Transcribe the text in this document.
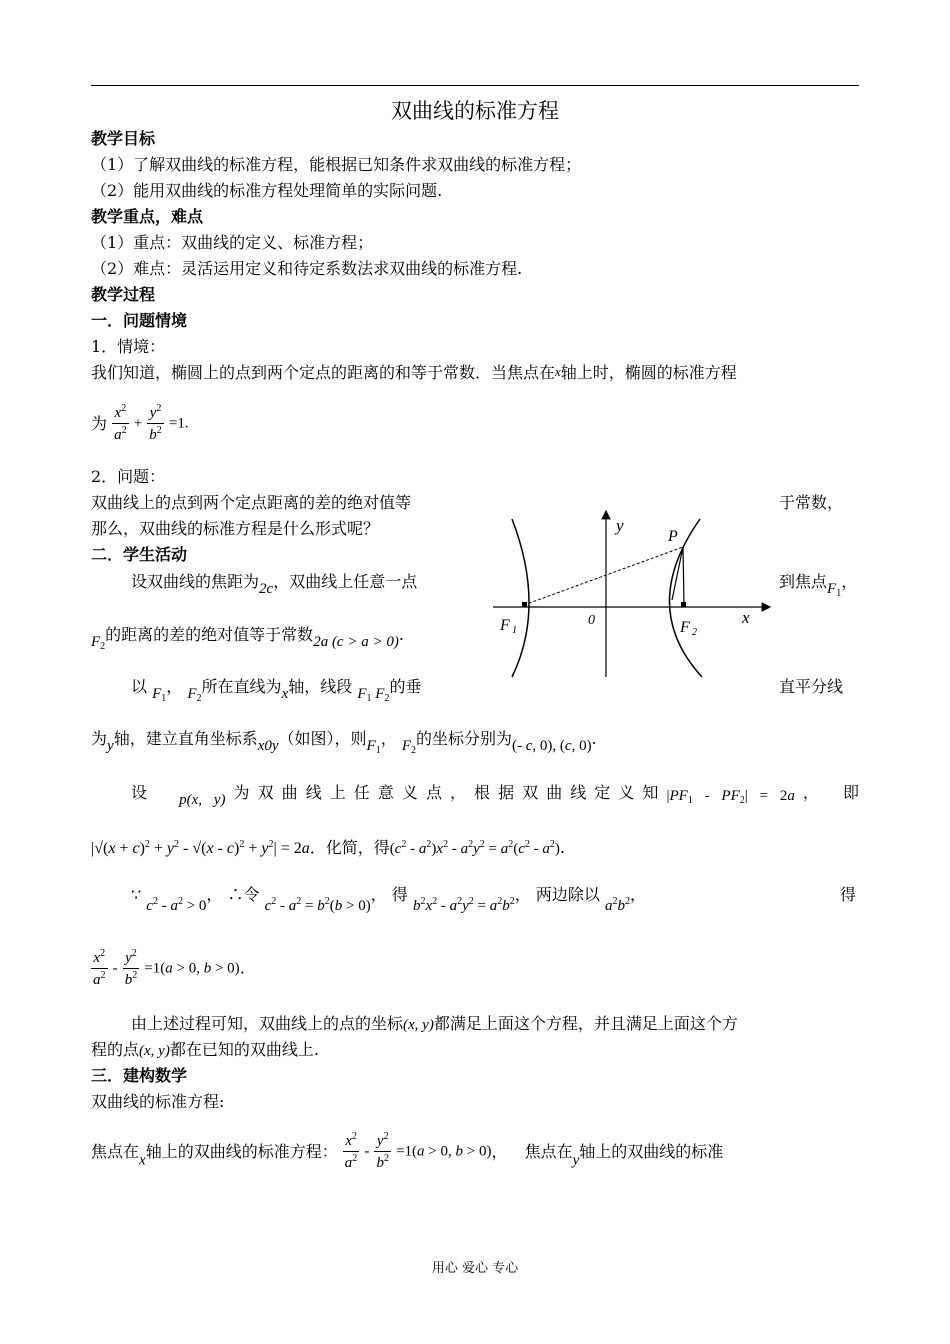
双曲线的标准方程
教学目标
（1）了解双曲线的标准方程，能根据已知条件求双曲线的标准方程；
（2）能用双曲线的标准方程处理简单的实际问题.
教学重点，难点
（1）重点：双曲线的定义、标准方程；
（2）难点：灵活运用定义和待定系数法求双曲线的标准方程.
教学过程
一．问题情境
1．情境：
我们知道，椭圆上的点到两个定点的距离的和等于常数．当焦点在x轴上时，椭圆的标准方程
为 $\frac{x^2}{a^2} + \frac{y^2}{b^2} =1$.
2．问题：
双曲线上的点到两个定点距离的差的绝对值等	于常数，
那么，双曲线的标准方程是什么形式呢？
二．学生活动
设双曲线的焦距为2c，双曲线上任意一点	到焦点$F_1$，
$F_2$的距离的差的绝对值等于常数2a (c > a > 0).
以 $F_1$， $F_2$所在直线为x轴，线段 $F_1$ $F_2$的垂	直平分线
为y轴，建立直角坐标系x0y（如图），则$F_1$， $F_2$的坐标分别为(- c, 0), (c, 0).
设　 p(x, y)为双曲线上任意义点，根据双曲线定义知$|PF_1 - PF_2| = 2a$，　即
$|√(x + c)^2 + y^2 - √(x - c)^2 + y^2| = 2a$．化简，得$(c^2 - a^2)x^2 - a^2y^2 = a^2(c^2 - a^2)$.
∵ $c^2 - a^2 > 0$， ∴令 $c^2 - a^2 = b^2(b > 0)$， 得 $b^2x^2 - a^2y^2 = a^2b^2$， 两边除以 $a^2b^2$，	得
$\frac{x^2}{a^2} - \frac{y^2}{b^2} =1(a > 0$, b > 0).
由上述过程可知，双曲线上的点的坐标(x, y)都满足上面这个方程，并且满足上面这个方
程的点(x, y)都在已知的双曲线上.
三．建构数学
双曲线的标准方程:
焦点在x轴上的双曲线的标准方程： $\frac{x^2}{a^2} - \frac{y^2}{b^2} =1(a > 0$, b > 0)， 焦点在y轴上的双曲线的标准
y
x
0
P
F 1	F 2
用心 爱心 专心
